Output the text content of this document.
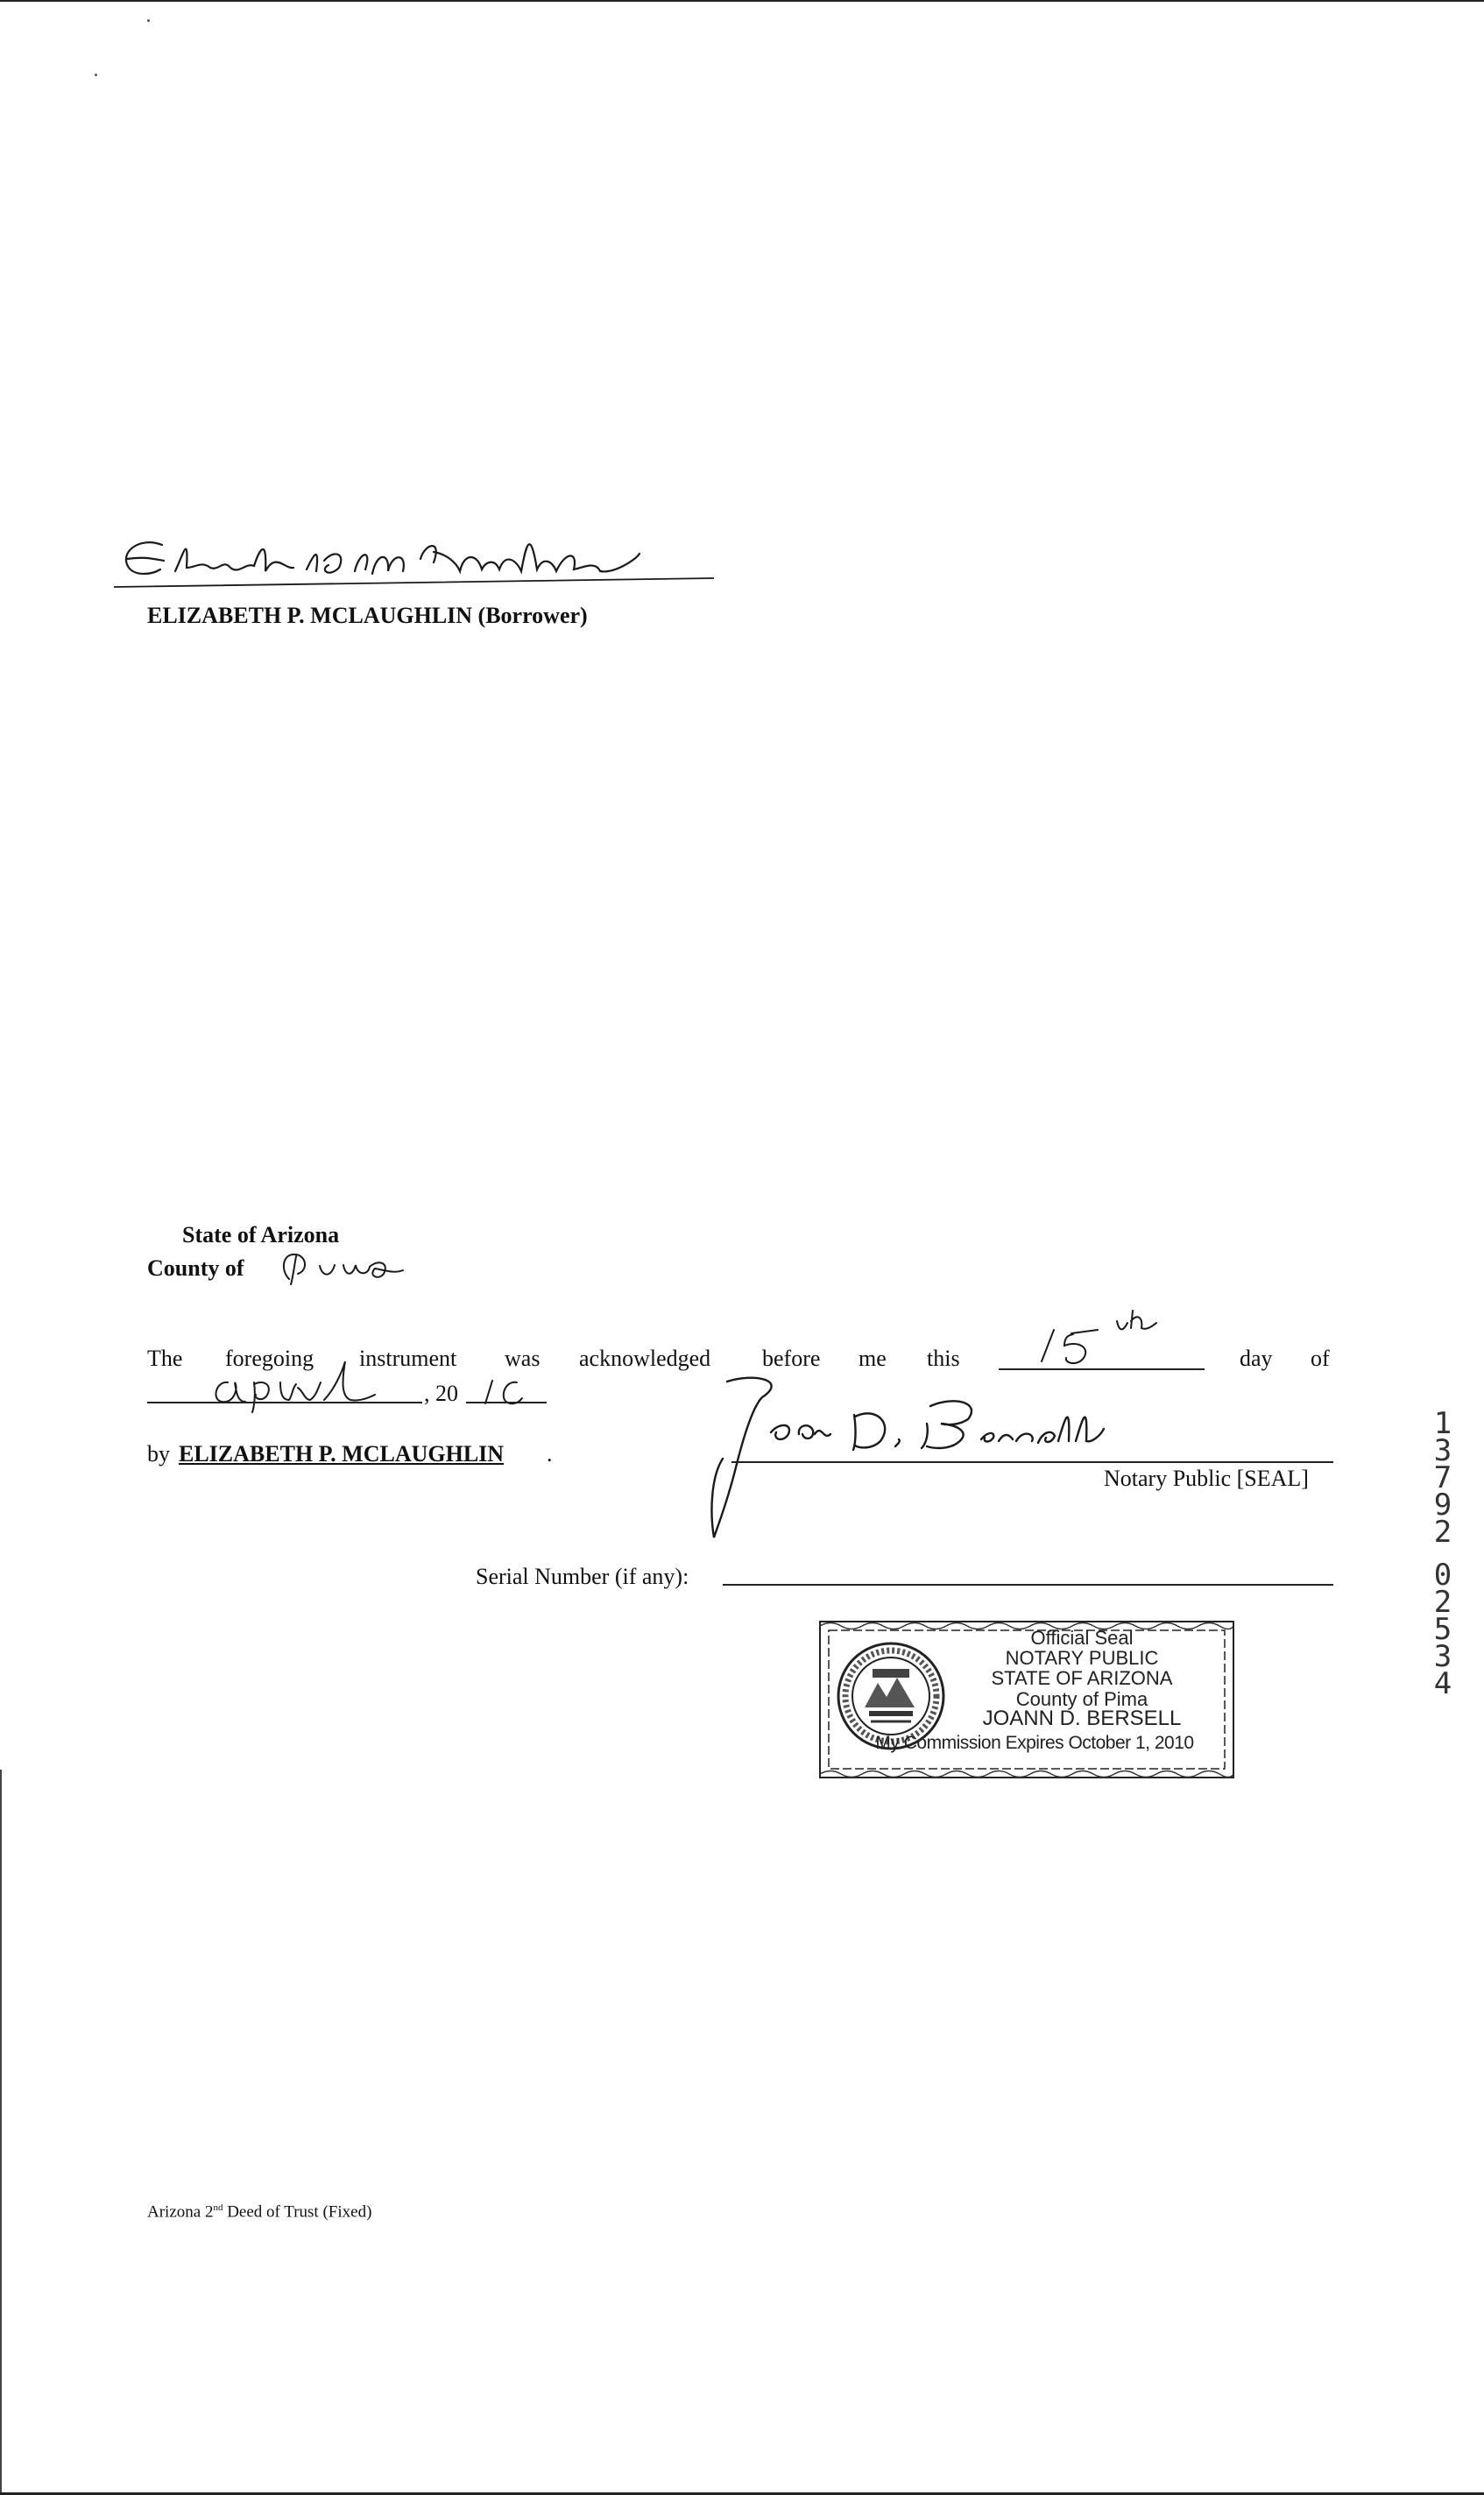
ELIZABETH P. MCLAUGHLIN (Borrower)
State of Arizona
County of
The foregoing instrument was acknowledged before me this	day of
, 20
by ELIZABETH P. MCLAUGHLIN .
Notary Public [SEAL]
Serial Number (if any):
Official Seal
NOTARY PUBLIC
STATE OF ARIZONA
County of Pima
JOANN D. BERSELL
My Commission Expires October 1, 2010
1
3
7
9
2
0
2
5
3
4
Arizona 2nd Deed of Trust (Fixed)
